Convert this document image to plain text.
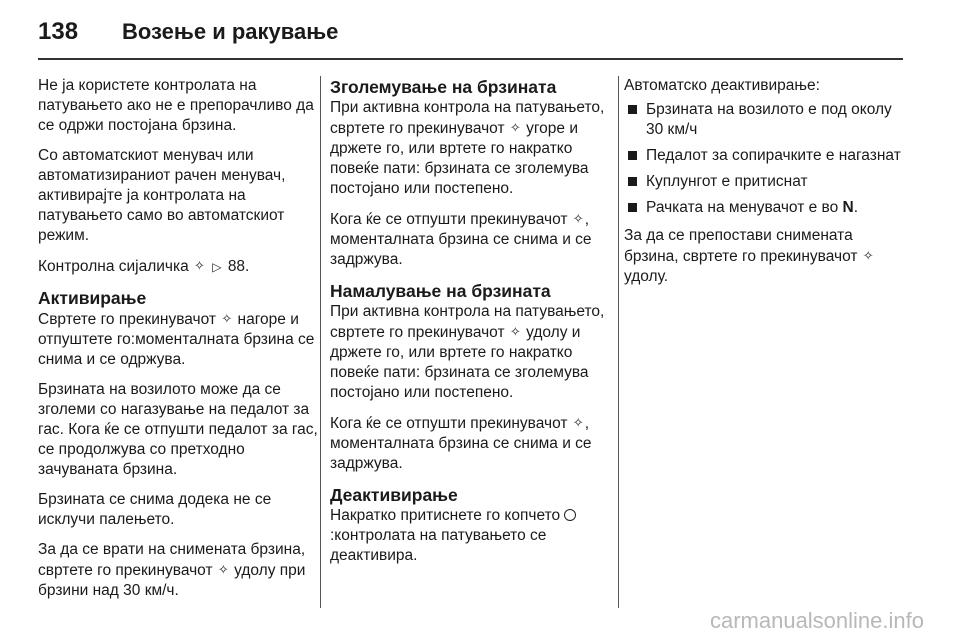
138	Возење и ракување

Не ја користете контролата на патувањето ако не е препорачливо да се одржи постојана брзина.

Со автоматскиот менувач или автоматизираниот рачен менувач, активирајте ја контролата на патувањето само во автоматскиот режим.

Контролна сијаличка ✧ ▷ 88.

Активирање

Свртете го прекинувачот ✧ нагоре и отпуштете го:моменталната брзина се снима и се одржува.

Брзината на возилото може да се зголеми со нагазување на педалот за гас. Кога ќе се отпушти педалот за гас, се продолжува со претходно зачуваната брзина.

Брзината се снима додека не се исклучи палењето.

За да се врати на снимената брзина, свртете го прекинувачот ✧ удолу при брзини над 30 км/ч.

Зголемување на брзината

При активна контрола на патувањето, свртете го прекинувачот ✧ угоре и држете го, или вртете го накратко повеќе пати: брзината се зголемува постојано или постепено.

Кога ќе се отпушти прекинувачот ✧, моменталната брзина се снима и се задржува.

Намалување на брзината

При активна контрола на патувањето, свртете го прекинувачот ✧ удолу и држете го, или вртете го накратко повеќе пати: брзината се зголемува постојано или постепено.

Кога ќе се отпушти прекинувачот ✧, моменталната брзина се снима и се задржува.

Деактивирање

Накратко притиснете го копчето :контролата на патувањето се деактивира.

Автоматско деактивирање:

Брзината на возилото е под околу 30 км/ч
Педалот за сопирачките е нагазнат
Куплунгот е притиснат
Рачката на менувачот е во N.

За да се препостави снимената брзина, свртете го прекинувачот ✧ удолу.

carmanualsonline.info
